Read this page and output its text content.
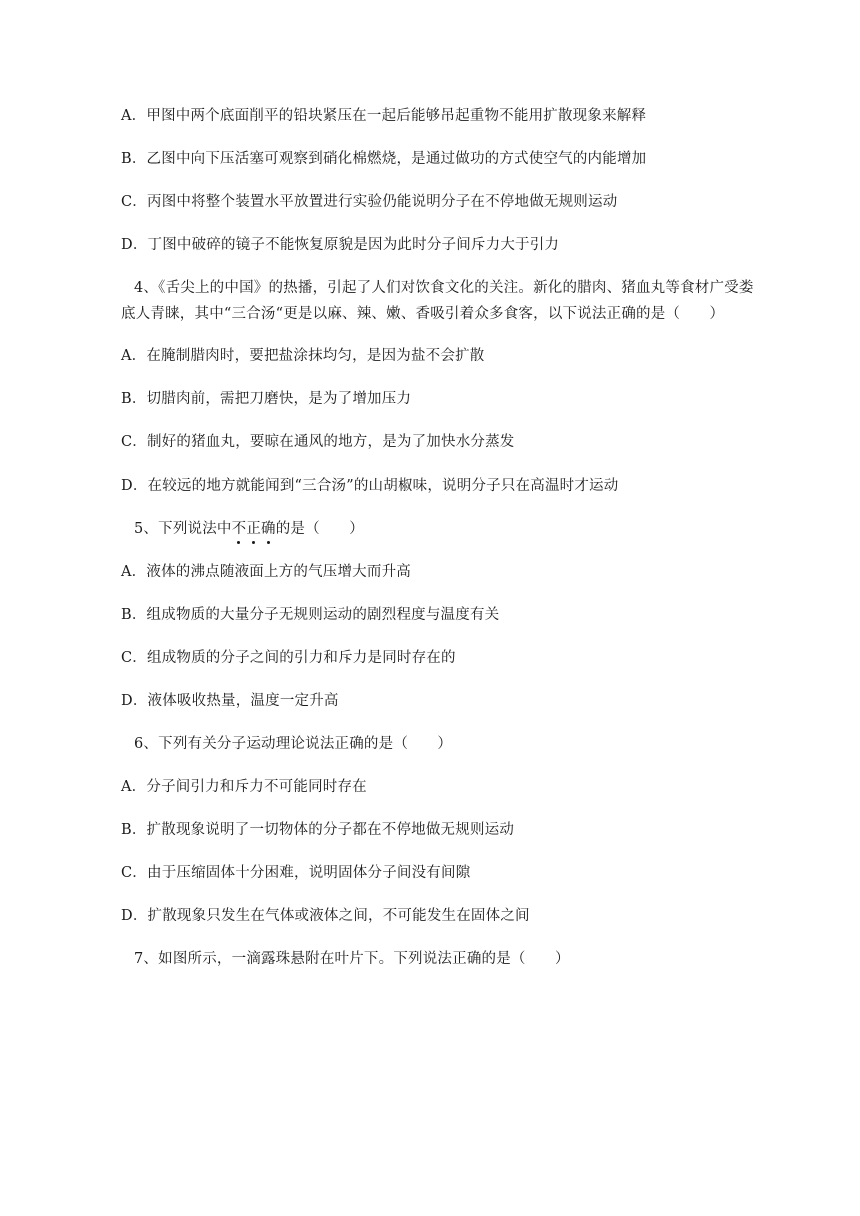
A．甲图中两个底面削平的铅块紧压在一起后能够吊起重物不能用扩散现象来解释
B．乙图中向下压活塞可观察到硝化棉燃烧，是通过做功的方式使空气的内能增加
C．丙图中将整个装置水平放置进行实验仍能说明分子在不停地做无规则运动
D．丁图中破碎的镜子不能恢复原貌是因为此时分子间斥力大于引力
4、《舌尖上的中国》的热播，引起了人们对饮食文化的关注。新化的腊肉、猪血丸等食材广受娄
底人青睐，其中“三合汤“更是以麻、辣、嫩、香吸引着众多食客，以下说法正确的是（　　）
A．在腌制腊肉时，要把盐涂抹均匀，是因为盐不会扩散
B．切腊肉前，需把刀磨快，是为了增加压力
C．制好的猪血丸，要晾在通风的地方，是为了加快水分蒸发
D．在较远的地方就能闻到“三合汤”的山胡椒味，说明分子只在高温时才运动
5、下列说法中不正确的是（　　）
A．液体的沸点随液面上方的气压增大而升高
B．组成物质的大量分子无规则运动的剧烈程度与温度有关
C．组成物质的分子之间的引力和斥力是同时存在的
D．液体吸收热量，温度一定升高
6、下列有关分子运动理论说法正确的是（　　）
A．分子间引力和斥力不可能同时存在
B．扩散现象说明了一切物体的分子都在不停地做无规则运动
C．由于压缩固体十分困难，说明固体分子间没有间隙
D．扩散现象只发生在气体或液体之间，不可能发生在固体之间
7、如图所示，一滴露珠悬附在叶片下。下列说法正确的是（　　）
